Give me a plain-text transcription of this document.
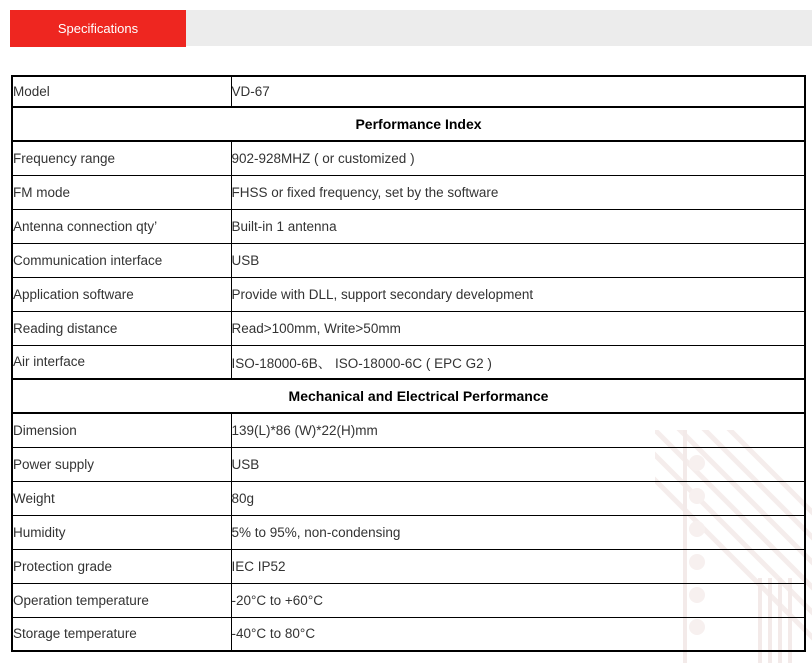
Specifications
Model	VD-67
Performance Index	
Frequency range	902-928MHZ ( or customized )
FM mode	FHSS or fixed frequency, set by the software
Antenna connection qty’	Built-in 1 antenna
Communication interface	USB
Application software	Provide with DLL, support secondary development
Reading distance	Read>100mm, Write>50mm
Air interface	ISO-18000-6B、 ISO-18000-6C ( EPC G2 )
Mechanical and Electrical Performance	
Dimension	139(L)*86 (W)*22(H)mm
Power supply	USB
Weight	80g
Humidity	5% to 95%, non-condensing
Protection grade	IEC IP52
Operation temperature	-20°C to +60°C
Storage temperature	-40°C to 80°C
